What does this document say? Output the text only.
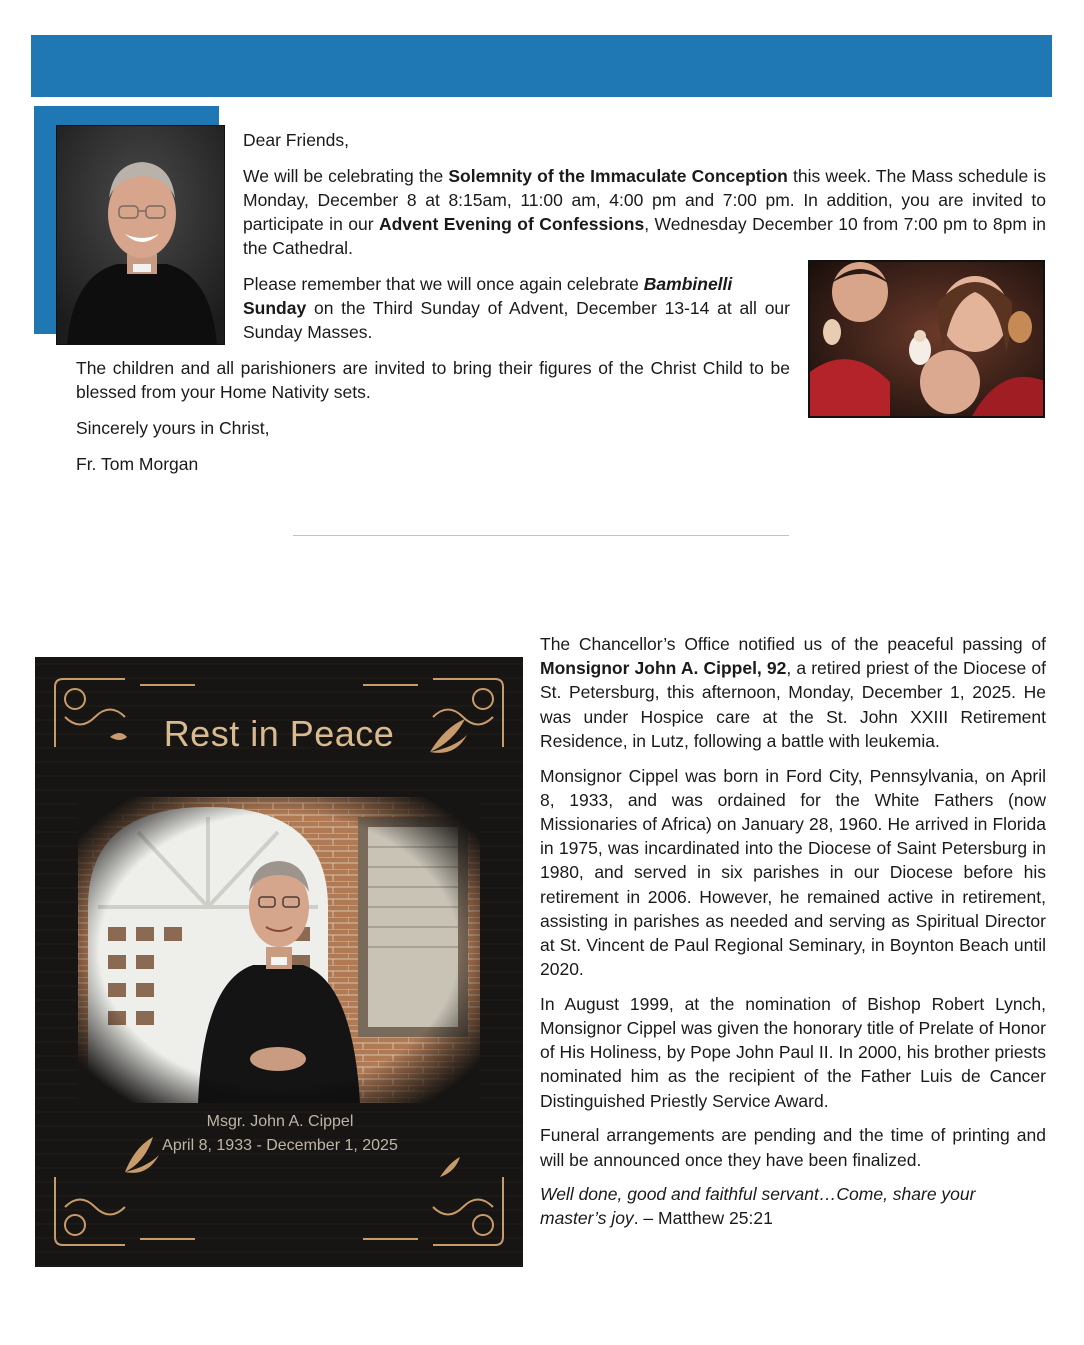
Dear Friends,

We will be celebrating the Solemnity of the Immaculate Conception this week. The Mass schedule is Monday, December 8 at 8:15am, 11:00 am, 4:00 pm and 7:00 pm. In addition, you are invited to participate in our Advent Evening of Confessions, Wednesday December 10 from 7:00 pm to 8pm in the Cathedral.

Please remember that we will once again celebrate Bambinelli
Sunday on the Third Sunday of Advent, December 13-14 at all our Sunday Masses.

The children and all parishioners are invited to bring their figures of the Christ Child to be blessed from your Home Nativity sets.

Sincerely yours in Christ,

Fr. Tom Morgan

Rest in Peace
Msgr. John A. Cippel
April 8, 1933 - December 1, 2025

The Chancellor’s Office notified us of the peaceful passing of Monsignor John A. Cippel, 92, a retired priest of the Diocese of St. Petersburg, this afternoon, Monday, December 1, 2025. He was under Hospice care at the St. John XXIII Retirement Residence, in Lutz, following a battle with leukemia.

Monsignor Cippel was born in Ford City, Pennsylvania, on April 8, 1933, and was ordained for the White Fathers (now Missionaries of Africa) on January 28, 1960. He arrived in Florida in 1975, was incardinated into the Diocese of Saint Petersburg in 1980, and served in six parishes in our Diocese before his retirement in 2006. However, he remained active in retirement, assisting in parishes as needed and serving as Spiritual Director at St. Vincent de Paul Regional Seminary, in Boynton Beach until 2020.

In August 1999, at the nomination of Bishop Robert Lynch, Monsignor Cippel was given the honorary title of Prelate of Honor of His Holiness, by Pope John Paul II. In 2000, his brother priests nominated him as the recipient of the Father Luis de Cancer Distinguished Priestly Service Award.

Funeral arrangements are pending and the time of printing and will be announced once they have been finalized.

Well done, good and faithful servant…Come, share your master’s joy. – Matthew 25:21
